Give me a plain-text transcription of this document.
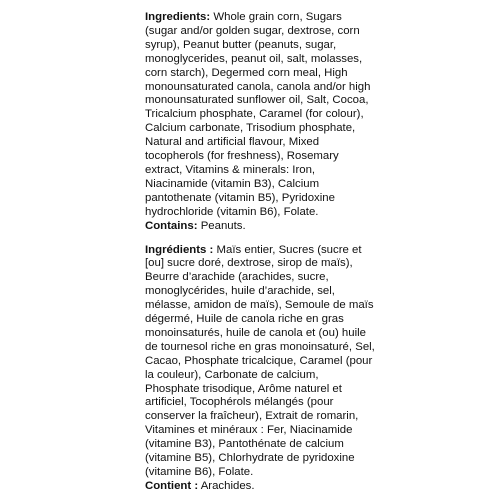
Ingredients: Whole grain corn, Sugars (sugar and/or golden sugar, dextrose, corn syrup), Peanut butter (peanuts, sugar, monoglycerides, peanut oil, salt, molasses, corn starch), Degermed corn meal, High monounsaturated canola, canola and/or high monounsaturated sunflower oil, Salt, Cocoa, Tricalcium phosphate, Caramel (for colour), Calcium carbonate, Trisodium phosphate, Natural and artificial flavour, Mixed tocopherols (for freshness), Rosemary extract, Vitamins & minerals: Iron, Niacinamide (vitamin B3), Calcium pantothenate (vitamin B5), Pyridoxine hydrochloride (vitamin B6), Folate.

Contains: Peanuts.

Ingrédients : Maïs entier, Sucres (sucre et [ou] sucre doré, dextrose, sirop de maïs), Beurre d’arachide (arachides, sucre, monoglycérides, huile d’arachide, sel, mélasse, amidon de maïs), Semoule de maïs dégermé, Huile de canola riche en gras monoinsaturés, huile de canola et (ou) huile de tournesol riche en gras monoinsaturé, Sel, Cacao, Phosphate tricalcique, Caramel (pour la couleur), Carbonate de calcium, Phosphate trisodique, Arôme naturel et artificiel, Tocophérols mélangés (pour conserver la fraîcheur), Extrait de romarin, Vitamines et minéraux : Fer, Niacinamide (vitamine B3), Pantothénate de calcium (vitamine B5), Chlorhydrate de pyridoxine (vitamine B6), Folate.

Contient : Arachides.
